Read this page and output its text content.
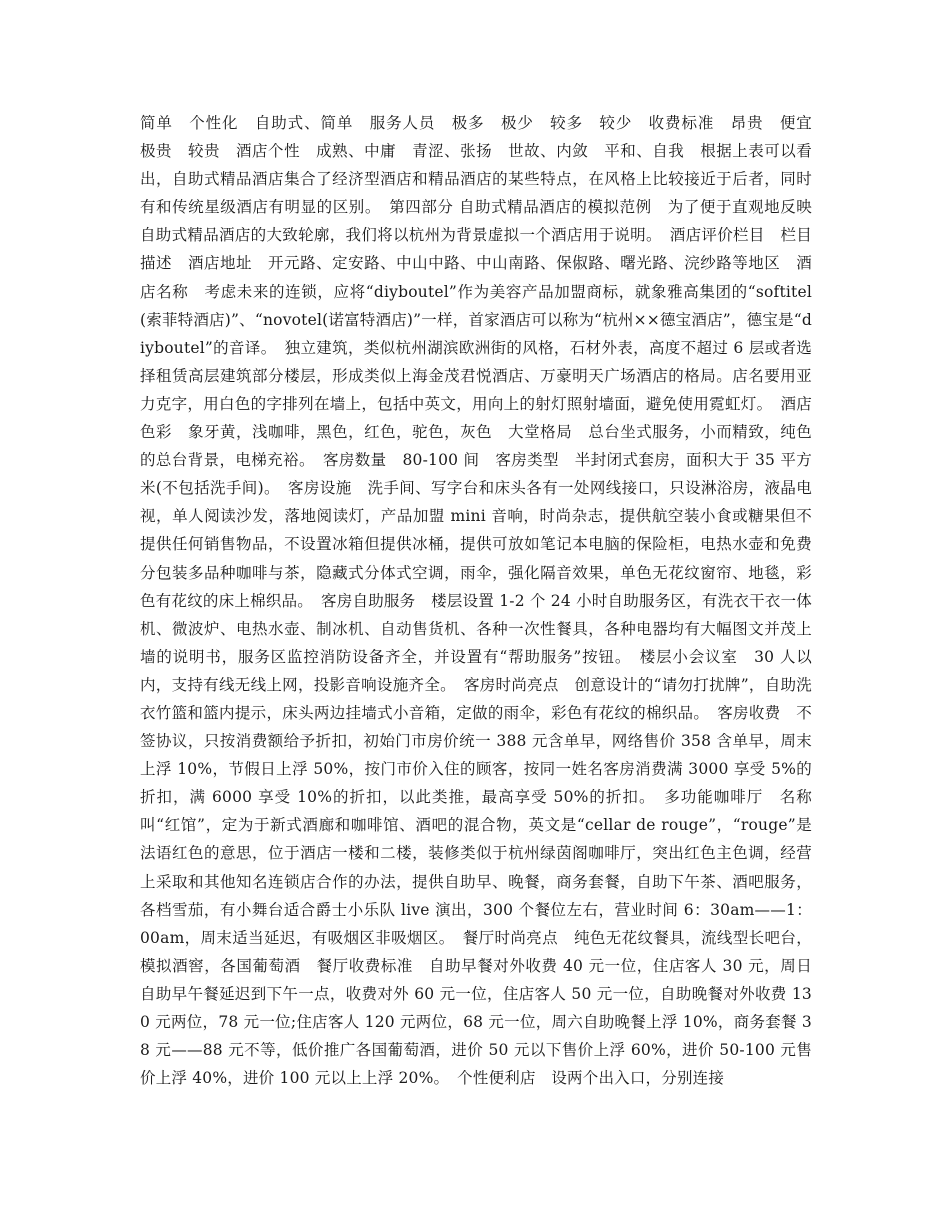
简单　个性化　自助式、简单　服务人员　极多　极少　较多　较少　收费标准　昂贵　便宜　极贵　较贵　酒店个性　成熟、中庸　青涩、张扬　世故、内敛　平和、自我　根据上表可以看出，自助式精品酒店集合了经济型酒店和精品酒店的某些特点，在风格上比较接近于后者，同时有和传统星级酒店有明显的区别。　第四部分 自助式精品酒店的模拟范例　为了便于直观地反映自助式精品酒店的大致轮廓，我们将以杭州为背景虚拟一个酒店用于说明。　酒店评价栏目　栏目描述　酒店地址　开元路、定安路、中山中路、中山南路、保俶路、曙光路、浣纱路等地区　酒店名称　考虑未来的连锁，应将“diyboutel”作为美容产品加盟商标，就象雅高集团的“softitel(索菲特酒店)”、“novotel(诺富特酒店)”一样，首家酒店可以称为“杭州××德宝酒店”，德宝是“diyboutel”的音译。　独立建筑，类似杭州湖滨欧洲街的风格，石材外表，高度不超过 6 层或者选择租赁高层建筑部分楼层，形成类似上海金茂君悦酒店、万豪明天广场酒店的格局。店名要用亚力克字，用白色的字排列在墙上，包括中英文，用向上的射灯照射墙面，避免使用霓虹灯。　酒店色彩　象牙黄，浅咖啡，黑色，红色，驼色，灰色　大堂格局　总台坐式服务，小而精致，纯色的总台背景，电梯充裕。　客房数量　80-100 间　客房类型　半封闭式套房，面积大于 35 平方米(不包括洗手间)。　客房设施　洗手间、写字台和床头各有一处网线接口，只设淋浴房，液晶电视，单人阅读沙发，落地阅读灯，产品加盟 mini 音响，时尚杂志，提供航空装小食或糖果但不提供任何销售物品，不设置冰箱但提供冰桶，提供可放如笔记本电脑的保险柜，电热水壶和免费分包装多品种咖啡与茶，隐藏式分体式空调，雨伞，强化隔音效果，单色无花纹窗帘、地毯，彩色有花纹的床上棉织品。　客房自助服务　楼层设置 1-2 个 24 小时自助服务区，有洗衣干衣一体机、微波炉、电热水壶、制冰机、自动售货机、各种一次性餐具，各种电器均有大幅图文并茂上墙的说明书，服务区监控消防设备齐全，并设置有“帮助服务”按钮。　楼层小会议室　30 人以内，支持有线无线上网，投影音响设施齐全。　客房时尚亮点　创意设计的“请勿打扰牌”，自助洗衣竹篮和篮内提示，床头两边挂墙式小音箱，定做的雨伞，彩色有花纹的棉织品。　客房收费　不签协议，只按消费额给予折扣，初始门市房价统一 388 元含单早，网络售价 358 含单早，周末上浮 10%，节假日上浮 50%，按门市价入住的顾客，按同一姓名客房消费满 3000 享受 5%的折扣，满 6000 享受 10%的折扣，以此类推，最高享受 50%的折扣。　多功能咖啡厅　名称叫“红馆”，定为于新式酒廊和咖啡馆、酒吧的混合物，英文是“cellar de rouge”，“rouge”是法语红色的意思，位于酒店一楼和二楼，装修类似于杭州绿茵阁咖啡厅，突出红色主色调，经营上采取和其他知名连锁店合作的办法，提供自助早、晚餐，商务套餐，自助下午茶、酒吧服务，各档雪茄，有小舞台适合爵士小乐队 live 演出，300 个餐位左右，营业时间 6：30am——1：00am，周末适当延迟，有吸烟区非吸烟区。　餐厅时尚亮点　纯色无花纹餐具，流线型长吧台，模拟酒窖，各国葡萄酒　餐厅收费标准　自助早餐对外收费 40 元一位，住店客人 30 元，周日自助早午餐延迟到下午一点，收费对外 60 元一位，住店客人 50 元一位，自助晚餐对外收费 130 元两位，78 元一位;住店客人 120 元两位，68 元一位，周六自助晚餐上浮 10%，商务套餐 38 元——88 元不等，低价推广各国葡萄酒，进价 50 元以下售价上浮 60%，进价 50-100 元售价上浮 40%，进价 100 元以上上浮 20%。　个性便利店　设两个出入口，分别连接
